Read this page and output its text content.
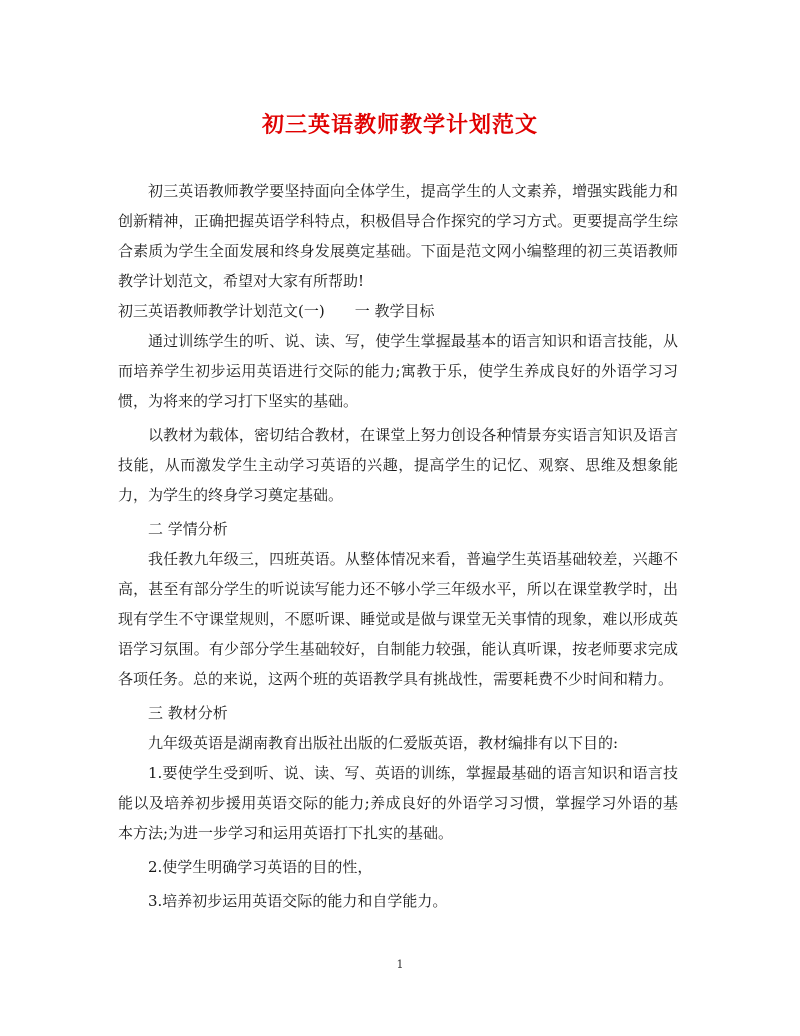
初三英语教师教学计划范文

初三英语教师教学要坚持面向全体学生，提高学生的人文素养，增强实践能力和创新精神，正确把握英语学科特点，积极倡导合作探究的学习方式。更要提高学生综合素质为学生全面发展和终身发展奠定基础。下面是范文网小编整理的初三英语教师教学计划范文，希望对大家有所帮助!

初三英语教师教学计划范文(一)　　一 教学目标

通过训练学生的听、说、读、写，使学生掌握最基本的语言知识和语言技能，从而培养学生初步运用英语进行交际的能力;寓教于乐，使学生养成良好的外语学习习惯，为将来的学习打下坚实的基础。

以教材为载体，密切结合教材，在课堂上努力创设各种情景夯实语言知识及语言技能，从而激发学生主动学习英语的兴趣，提高学生的记忆、观察、思维及想象能力，为学生的终身学习奠定基础。

二 学情分析

我任教九年级三，四班英语。从整体情况来看，普遍学生英语基础较差，兴趣不高，甚至有部分学生的听说读写能力还不够小学三年级水平，所以在课堂教学时，出现有学生不守课堂规则，不愿听课、睡觉或是做与课堂无关事情的现象，难以形成英语学习氛围。有少部分学生基础较好，自制能力较强，能认真听课，按老师要求完成各项任务。总的来说，这两个班的英语教学具有挑战性，需要耗费不少时间和精力。

三 教材分析

九年级英语是湖南教育出版社出版的仁爱版英语，教材编排有以下目的:

1.要使学生受到听、说、读、写、英语的训练，掌握最基础的语言知识和语言技能以及培养初步援用英语交际的能力;养成良好的外语学习习惯，掌握学习外语的基本方法;为进一步学习和运用英语打下扎实的基础。

2.使学生明确学习英语的目的性，

3.培养初步运用英语交际的能力和自学能力。

1
